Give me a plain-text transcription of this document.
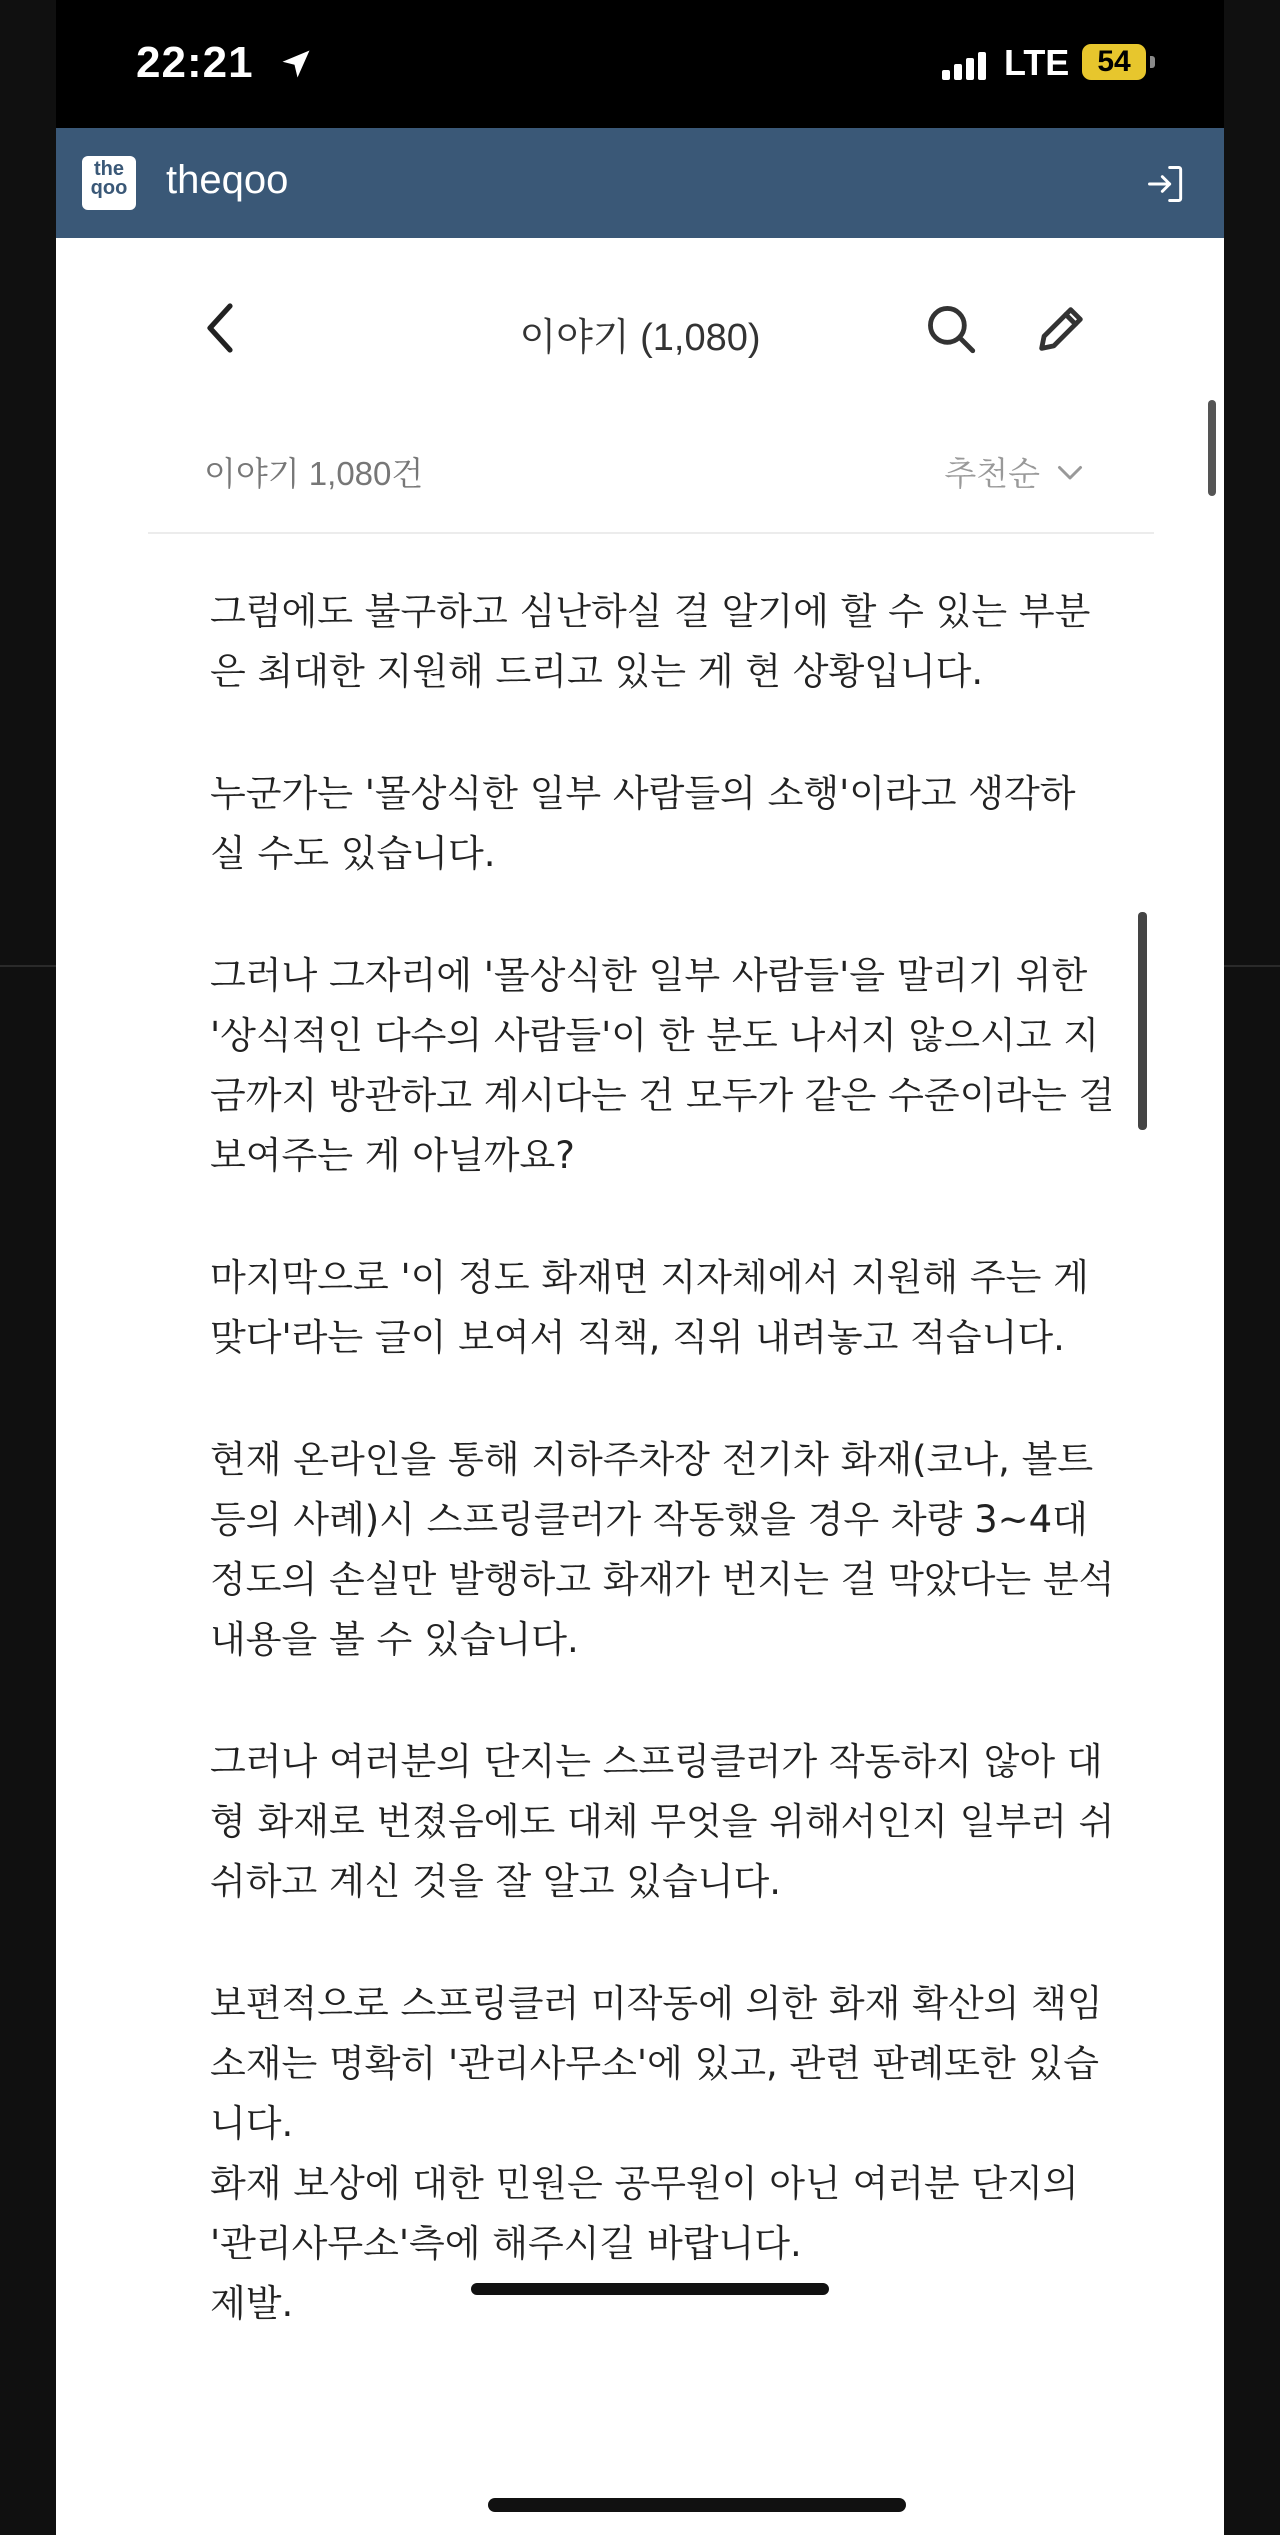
22:21	LTE 54
the
qoo theqoo
이야기 (1,080)
이야기 1,080건	추천순

그럼에도 불구하고 심난하실 걸 알기에 할 수 있는 부분
은 최대한 지원해 드리고 있는 게 현 상황입니다.

누군가는 '몰상식한 일부 사람들의 소행'이라고 생각하
실 수도 있습니다.

그러나 그자리에 '몰상식한 일부 사람들'을 말리기 위한
'상식적인 다수의 사람들'이 한 분도 나서지 않으시고 지
금까지 방관하고 계시다는 건 모두가 같은 수준이라는 걸
보여주는 게 아닐까요?

마지막으로 '이 정도 화재면 지자체에서 지원해 주는 게
맞다'라는 글이 보여서 직책, 직위 내려놓고 적습니다.

현재 온라인을 통해 지하주차장 전기차 화재(코나, 볼트
등의 사례)시 스프링클러가 작동했을 경우 차량 3~4대
정도의 손실만 발행하고 화재가 번지는 걸 막았다는 분석
내용을 볼 수 있습니다.

그러나 여러분의 단지는 스프링클러가 작동하지 않아 대
형 화재로 번졌음에도 대체 무엇을 위해서인지 일부러 쉬
쉬하고 계신 것을 잘 알고 있습니다.

보편적으로 스프링클러 미작동에 의한 화재 확산의 책임
소재는 명확히 '관리사무소'에 있고, 관련 판례또한 있습
니다.
화재 보상에 대한 민원은 공무원이 아닌 여러분 단지의
'관리사무소'측에 해주시길 바랍니다.
제발.
